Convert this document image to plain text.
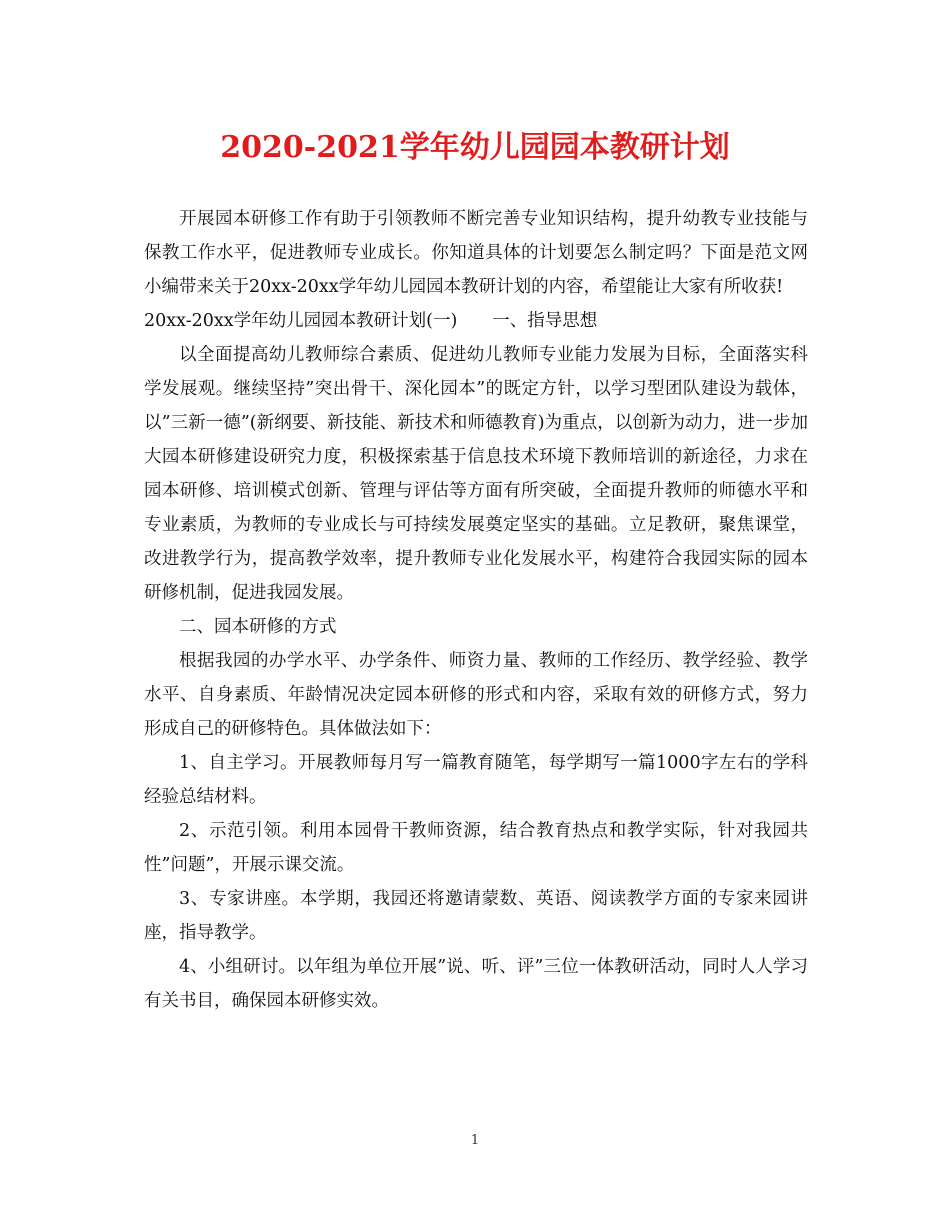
2020-2021学年幼儿园园本教研计划

开展园本研修工作有助于引领教师不断完善专业知识结构，提升幼教专业技能与保教工作水平，促进教师专业成长。你知道具体的计划要怎么制定吗？下面是范文网小编带来关于20xx-20xx学年幼儿园园本教研计划的内容，希望能让大家有所收获!

20xx-20xx学年幼儿园园本教研计划(一)　　一、指导思想

以全面提高幼儿教师综合素质、促进幼儿教师专业能力发展为目标，全面落实科学发展观。继续坚持”突出骨干、深化园本”的既定方针，以学习型团队建设为载体，以”三新一德”(新纲要、新技能、新技术和师德教育)为重点，以创新为动力，进一步加大园本研修建设研究力度，积极探索基于信息技术环境下教师培训的新途径，力求在园本研修、培训模式创新、管理与评估等方面有所突破，全面提升教师的师德水平和专业素质，为教师的专业成长与可持续发展奠定坚实的基础。立足教研，聚焦课堂，改进教学行为，提高教学效率，提升教师专业化发展水平，构建符合我园实际的园本研修机制，促进我园发展。

二、园本研修的方式

根据我园的办学水平、办学条件、师资力量、教师的工作经历、教学经验、教学水平、自身素质、年龄情况决定园本研修的形式和内容，采取有效的研修方式，努力形成自己的研修特色。具体做法如下：

1、自主学习。开展教师每月写一篇教育随笔，每学期写一篇1000字左右的学科经验总结材料。

2、示范引领。利用本园骨干教师资源，结合教育热点和教学实际，针对我园共性”问题”，开展示课交流。

3、专家讲座。本学期，我园还将邀请蒙数、英语、阅读教学方面的专家来园讲座，指导教学。

4、小组研讨。以年组为单位开展”说、听、评”三位一体教研活动，同时人人学习有关书目，确保园本研修实效。

1
